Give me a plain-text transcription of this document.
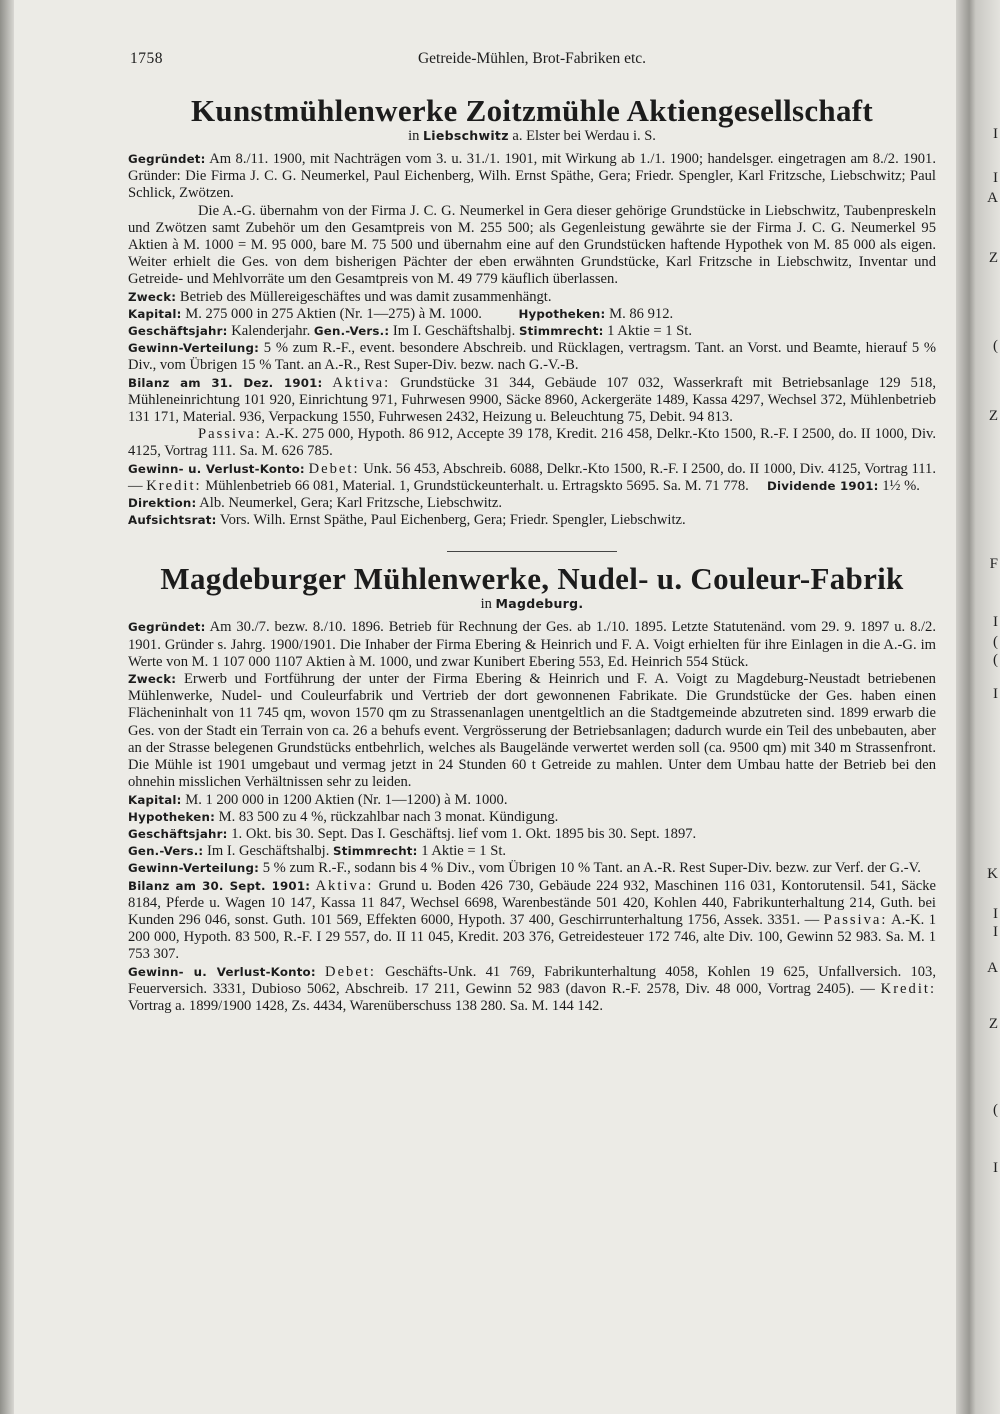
I
I
A
Z
(
Z
F
I
(
(
I
K
I
I
A
Z
(
I
1758	Getreide-Mühlen, Brot-Fabriken etc.
Kunstmühlenwerke Zoitzmühle Aktiengesellschaft

in Liebschwitz a. Elster bei Werdau i. S.

Gegründet: Am 8./11. 1900, mit Nachträgen vom 3. u. 31./1. 1901, mit Wirkung ab 1./1. 1900; handelsger. eingetragen am 8./2. 1901. Gründer: Die Firma J. C. G. Neumerkel, Paul Eichenberg, Wilh. Ernst Späthe, Gera; Friedr. Spengler, Karl Fritzsche, Liebschwitz; Paul Schlick, Zwötzen.

Die A.-G. übernahm von der Firma J. C. G. Neumerkel in Gera dieser gehörige Grundstücke in Liebschwitz, Taubenpreskeln und Zwötzen samt Zubehör um den Gesamtpreis von M. 255 500; als Gegenleistung gewährte sie der Firma J. C. G. Neumerkel 95 Aktien à M. 1000 = M. 95 000, bare M. 75 500 und übernahm eine auf den Grundstücken haftende Hypothek von M. 85 000 als eigen. Weiter erhielt die Ges. von dem bisherigen Pächter der eben erwähnten Grundstücke, Karl Fritzsche in Liebschwitz, Inventar und Getreide- und Mehlvorräte um den Gesamtpreis von M. 49 779 käuflich überlassen.

Zweck: Betrieb des Müllereigeschäftes und was damit zusammenhängt.

Kapital: M. 275 000 in 275 Aktien (Nr. 1—275) à M. 1000.	Hypotheken: M. 86 912.

Geschäftsjahr: Kalenderjahr. Gen.-Vers.: Im I. Geschäftshalbj. Stimmrecht: 1 Aktie = 1 St.

Gewinn-Verteilung: 5 % zum R.-F., event. besondere Abschreib. und Rücklagen, vertragsm. Tant. an Vorst. und Beamte, hierauf 5 % Div., vom Übrigen 15 % Tant. an A.-R., Rest Super-Div. bezw. nach G.-V.-B.

Bilanz am 31. Dez. 1901: Aktiva: Grundstücke 31 344, Gebäude 107 032, Wasserkraft mit Betriebsanlage 129 518, Mühleneinrichtung 101 920, Einrichtung 971, Fuhrwesen 9900, Säcke 8960, Ackergeräte 1489, Kassa 4297, Wechsel 372, Mühlenbetrieb 131 171, Material. 936, Verpackung 1550, Fuhrwesen 2432, Heizung u. Beleuchtung 75, Debit. 94 813.

Passiva: A.-K. 275 000, Hypoth. 86 912, Accepte 39 178, Kredit. 216 458, Delkr.-Kto 1500, R.-F. I 2500, do. II 1000, Div. 4125, Vortrag 111. Sa. M. 626 785.

Gewinn- u. Verlust-Konto: Debet: Unk. 56 453, Abschreib. 6088, Delkr.-Kto 1500, R.-F. I 2500, do. II 1000, Div. 4125, Vortrag 111. — Kredit: Mühlenbetrieb 66 081, Material. 1, Grundstückeunterhalt. u. Ertragskto 5695. Sa. M. 71 778. Dividende 1901: 1½ %.

Direktion: Alb. Neumerkel, Gera; Karl Fritzsche, Liebschwitz.

Aufsichtsrat: Vors. Wilh. Ernst Späthe, Paul Eichenberg, Gera; Friedr. Spengler, Liebschwitz.

Magdeburger Mühlenwerke, Nudel- u. Couleur-Fabrik

in Magdeburg.

Gegründet: Am 30./7. bezw. 8./10. 1896. Betrieb für Rechnung der Ges. ab 1./10. 1895. Letzte Statutenänd. vom 29. 9. 1897 u. 8./2. 1901. Gründer s. Jahrg. 1900/1901. Die Inhaber der Firma Ebering & Heinrich und F. A. Voigt erhielten für ihre Einlagen in die A.-G. im Werte von M. 1 107 000 1107 Aktien à M. 1000, und zwar Kunibert Ebering 553, Ed. Heinrich 554 Stück.

Zweck: Erwerb und Fortführung der unter der Firma Ebering & Heinrich und F. A. Voigt zu Magdeburg-Neustadt betriebenen Mühlenwerke, Nudel- und Couleurfabrik und Vertrieb der dort gewonnenen Fabrikate. Die Grundstücke der Ges. haben einen Flächeninhalt von 11 745 qm, wovon 1570 qm zu Strassenanlagen unentgeltlich an die Stadtgemeinde abzutreten sind. 1899 erwarb die Ges. von der Stadt ein Terrain von ca. 26 a behufs event. Vergrösserung der Betriebsanlagen; dadurch wurde ein Teil des unbebauten, aber an der Strasse belegenen Grundstücks entbehrlich, welches als Baugelände verwertet werden soll (ca. 9500 qm) mit 340 m Strassenfront. Die Mühle ist 1901 umgebaut und vermag jetzt in 24 Stunden 60 t Getreide zu mahlen. Unter dem Umbau hatte der Betrieb bei den ohnehin misslichen Verhältnissen sehr zu leiden.

Kapital: M. 1 200 000 in 1200 Aktien (Nr. 1—1200) à M. 1000.

Hypotheken: M. 83 500 zu 4 %, rückzahlbar nach 3 monat. Kündigung.

Geschäftsjahr: 1. Okt. bis 30. Sept. Das I. Geschäftsj. lief vom 1. Okt. 1895 bis 30. Sept. 1897.

Gen.-Vers.: Im I. Geschäftshalbj. Stimmrecht: 1 Aktie = 1 St.

Gewinn-Verteilung: 5 % zum R.-F., sodann bis 4 % Div., vom Übrigen 10 % Tant. an A.-R. Rest Super-Div. bezw. zur Verf. der G.-V.

Bilanz am 30. Sept. 1901: Aktiva: Grund u. Boden 426 730, Gebäude 224 932, Maschinen 116 031, Kontorutensil. 541, Säcke 8184, Pferde u. Wagen 10 147, Kassa 11 847, Wechsel 6698, Warenbestände 501 420, Kohlen 440, Fabrikunterhaltung 214, Guth. bei Kunden 296 046, sonst. Guth. 101 569, Effekten 6000, Hypoth. 37 400, Geschirrunterhaltung 1756, Assek. 3351. — Passiva: A.-K. 1 200 000, Hypoth. 83 500, R.-F. I 29 557, do. II 11 045, Kredit. 203 376, Getreidesteuer 172 746, alte Div. 100, Gewinn 52 983. Sa. M. 1 753 307.

Gewinn- u. Verlust-Konto: Debet: Geschäfts-Unk. 41 769, Fabrikunterhaltung 4058, Kohlen 19 625, Unfallversich. 103, Feuerversich. 3331, Dubioso 5062, Abschreib. 17 211, Gewinn 52 983 (davon R.-F. 2578, Div. 48 000, Vortrag 2405). — Kredit: Vortrag a. 1899/1900 1428, Zs. 4434, Warenüberschuss 138 280. Sa. M. 144 142.
